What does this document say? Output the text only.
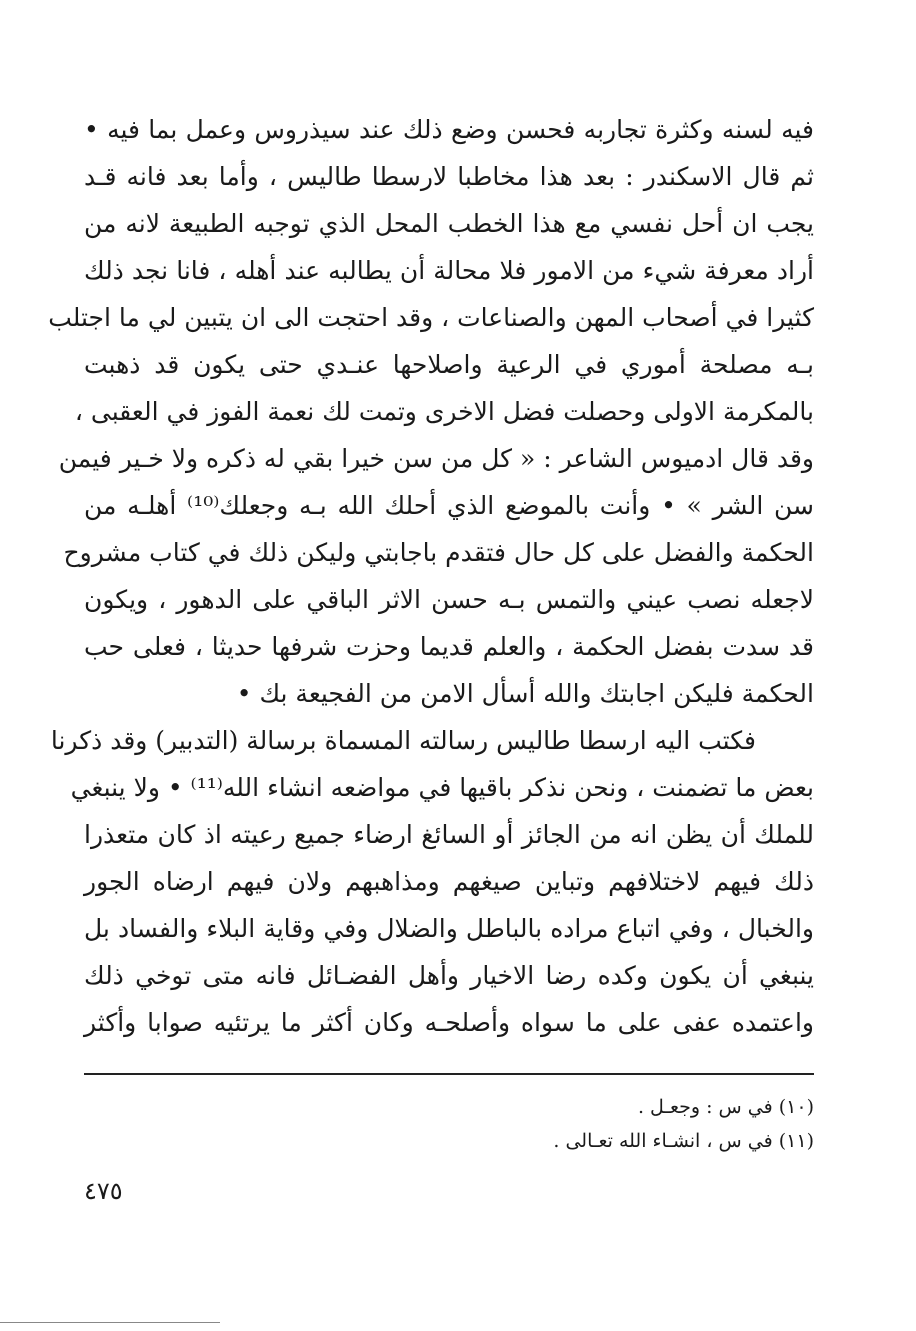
فيه لسنه وكثرة تجاربه فحسن وضع ذلك عند سيذروس وعمل بما فيه •
ثم قال الاسكندر : بعد هذا مخاطبا لارسطا طاليس ، وأما بعد فانه قـد
يجب ان أحل نفسي مع هذا الخطب المحل الذي توجبه الطبيعة لانه من
أراد معرفة شيء من الامور فلا محالة أن يطالبه عند أهله ، فانا نجد ذلك
كثيرا في أصحاب المهن والصناعات ، وقد احتجت الى ان يتبين لي ما اجتلب
بـه مصلحة أموري في الرعية واصلاحها عنـدي حتى يكون قد ذهبت
بالمكرمة الاولى وحصلت فضل الاخرى وتمت لك نعمة الفوز في العقبى ،
وقد قال ادميوس الشاعر : « كل من سن خيرا بقي له ذكره ولا خـير فيمن
سن الشر » • وأنت بالموضع الذي أحلك الله بـه وجعلك⁽¹⁰⁾ أهلـه من
الحكمة والفضل على كل حال فتقدم باجابتي وليكن ذلك في كتاب مشروح
لاجعله نصب عيني والتمس بـه حسن الاثر الباقي على الدهور ، ويكون
قد سدت بفضل الحكمة ، والعلم قديما وحزت شرفها حديثا ، فعلى حب
الحكمة فليكن اجابتك والله أسأل الامن من الفجيعة بك •
فكتب اليه ارسطا طاليس رسالته المسماة برسالة (التدبير) وقد ذكرنا
بعض ما تضمنت ، ونحن نذكر باقيها في مواضعه انشاء الله⁽¹¹⁾ • ولا ينبغي
للملك أن يظن انه من الجائز أو السائغ ارضاء جميع رعيته اذ كان متعذرا
ذلك فيهم لاختلافهم وتباين صيغهم ومذاهبهم ولان فيهم ارضاه الجور
والخبال ، وفي اتباع مراده بالباطل والضلال وفي وقاية البلاء والفساد بل
ينبغي أن يكون وكده رضا الاخيار وأهل الفضـائل فانه متى توخي ذلك
واعتمده عفى على ما سواه وأصلحـه وكان أكثر ما يرتئيه صوابا وأكثر
(١٠) في س : وجعـل .
(١١) في س ، انشـاء الله تعـالى .
٤٧٥
